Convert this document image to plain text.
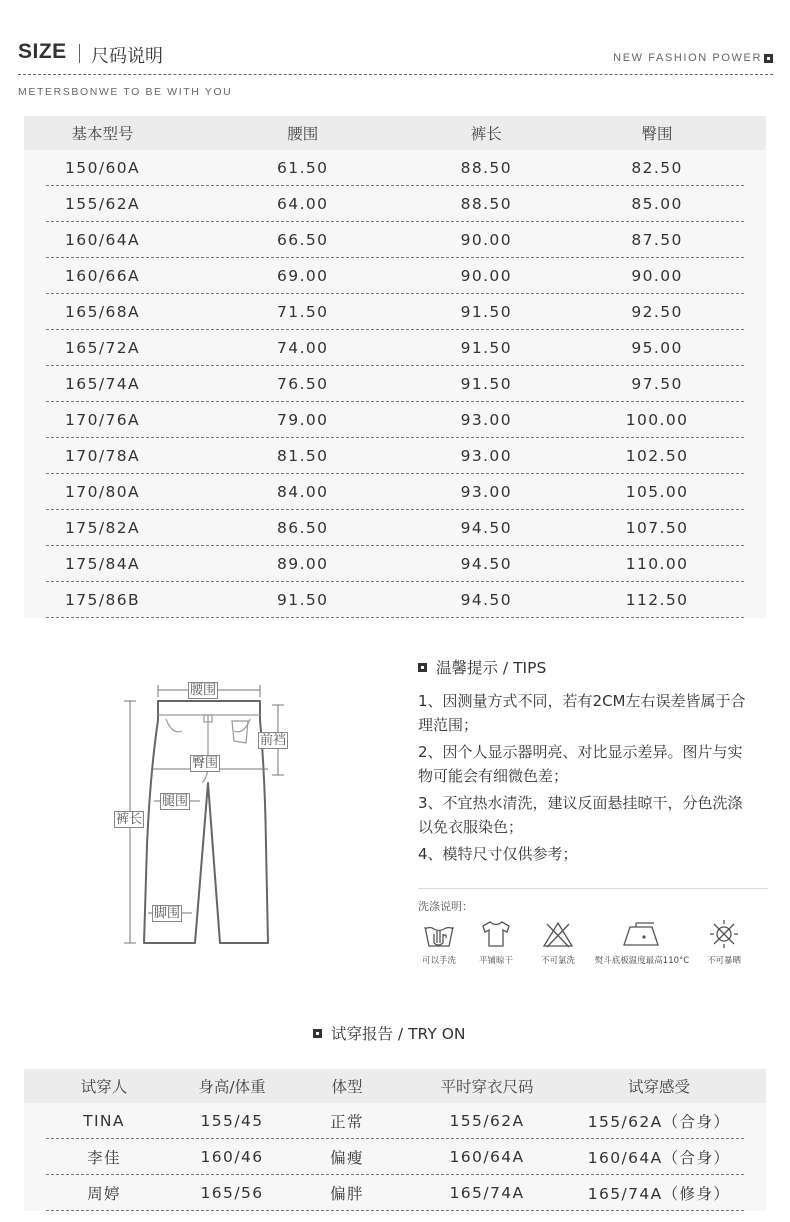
SIZE 尺码说明	NEW FASHION POWER
METERSBONWE TO BE WITH YOU
基本型号	腰围	裤长	臀围
150/60A	61.50	88.50	82.50
155/62A	64.00	88.50	85.00
160/64A	66.50	90.00	87.50
160/66A	69.00	90.00	90.00
165/68A	71.50	91.50	92.50
165/72A	74.00	91.50	95.00
165/74A	76.50	91.50	97.50
170/76A	79.00	93.00	100.00
170/78A	81.50	93.00	102.50
170/80A	84.00	93.00	105.00
175/82A	86.50	94.50	107.50
175/84A	89.00	94.50	110.00
175/86B	91.50	94.50	112.50
腰围
前裆
臀围
腿围
裤长
脚围
温馨提示 / TIPS
1、因测量方式不同，若有2CM左右误差皆属于合理范围；
2、因个人显示器明亮、对比显示差异。图片与实物可能会有细微色差；
3、不宜热水清洗，建议反面悬挂晾干，分色洗涤以免衣服染色；
4、模特尺寸仅供参考；
洗涤说明：
可以手洗	平铺晾干	不可氯洗	熨斗底板温度最高110°C	不可暴晒
试穿报告 / TRY ON
试穿人	身高/体重	体型	平时穿衣尺码	试穿感受
TINA	155/45	正常	155/62A	155/62A（合身）
李佳	160/46	偏瘦	160/64A	160/64A（合身）
周婷	165/56	偏胖	165/74A	165/74A（修身）
